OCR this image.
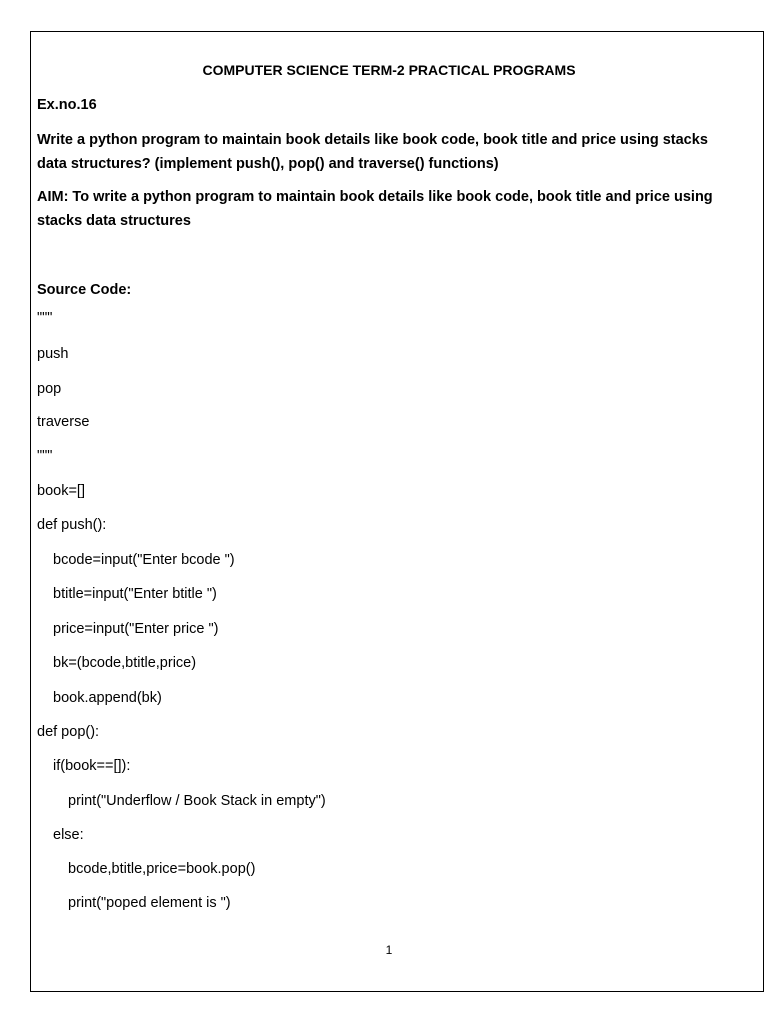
COMPUTER SCIENCE TERM-2 PRACTICAL PROGRAMS
Ex.no.16
Write a python program to maintain book details like book code, book title and price using stacks data structures? (implement push(), pop() and traverse() functions)
AIM: To write a python program to maintain book details like book code, book title and price using stacks data structures
Source Code:
"""
push
pop
traverse
"""
book=[]
def push():
bcode=input("Enter bcode ")
btitle=input("Enter btitle ")
price=input("Enter price ")
bk=(bcode,btitle,price)
book.append(bk)
def pop():
if(book==[]):
print("Underflow / Book Stack in empty")
else:
bcode,btitle,price=book.pop()
print("poped element is ")
1
